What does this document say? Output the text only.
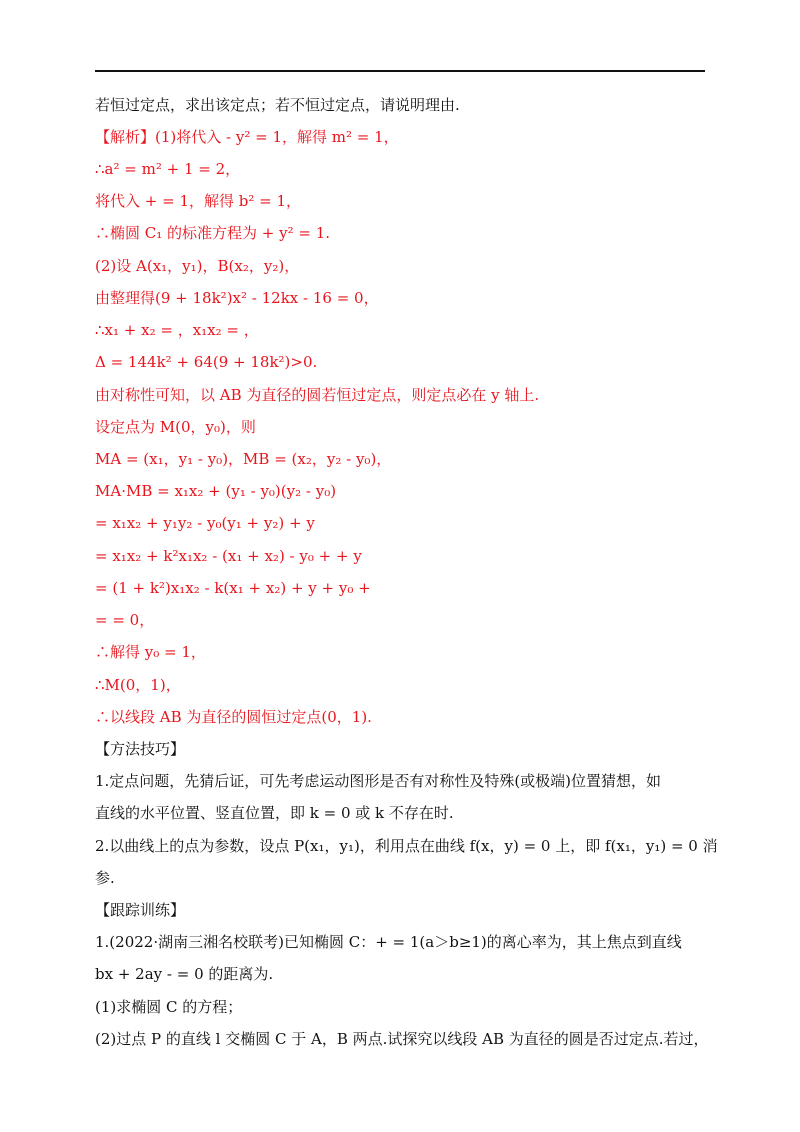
若恒过定点，求出该定点；若不恒过定点，请说明理由.
【解析】(1)将代入 - y² = 1，解得 m² = 1，
∴a² = m² + 1 = 2，
将代入 + = 1，解得 b² = 1，
∴椭圆 C₁ 的标准方程为 + y² = 1.
(2)设 A(x₁，y₁)，B(x₂，y₂)，
由整理得(9 + 18k²)x² - 12kx - 16 = 0，
∴x₁ + x₂ = ，x₁x₂ = ，
Δ = 144k² + 64(9 + 18k²)>0.
由对称性可知，以 AB 为直径的圆若恒过定点，则定点必在 y 轴上.
设定点为 M(0，y₀)，则
MA = (x₁，y₁ - y₀)，MB = (x₂，y₂ - y₀)，
MA·MB = x₁x₂ + (y₁ - y₀)(y₂ - y₀)
= x₁x₂ + y₁y₂ - y₀(y₁ + y₂) + y
= x₁x₂ + k²x₁x₂ - (x₁ + x₂) - y₀ + + y
= (1 + k²)x₁x₂ - k(x₁ + x₂) + y + y₀ +
= = 0，
∴解得 y₀ = 1，
∴M(0，1)，
∴以线段 AB 为直径的圆恒过定点(0，1).
【方法技巧】
1.定点问题，先猜后证，可先考虑运动图形是否有对称性及特殊(或极端)位置猜想，如
直线的水平位置、竖直位置，即 k = 0 或 k 不存在时.
2.以曲线上的点为参数，设点 P(x₁，y₁)，利用点在曲线 f(x，y) = 0 上，即 f(x₁，y₁) = 0 消
参.
【跟踪训练】
1.(2022·湖南三湘名校联考)已知椭圆 C：+ = 1(a＞b≥1)的离心率为，其上焦点到直线
bx + 2ay - = 0 的距离为.
(1)求椭圆 C 的方程；
(2)过点 P 的直线 l 交椭圆 C 于 A，B 两点.试探究以线段 AB 为直径的圆是否过定点.若过，
